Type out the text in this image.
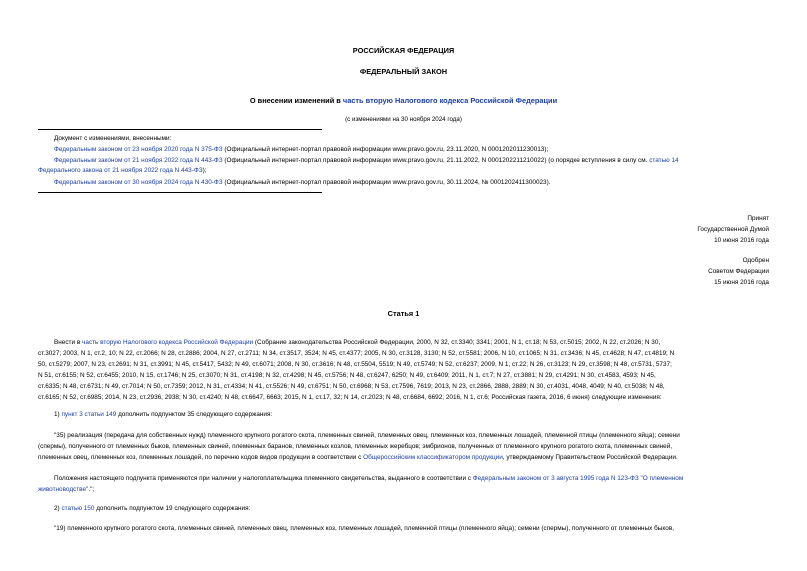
РОССИЙСКАЯ ФЕДЕРАЦИЯ
ФЕДЕРАЛЬНЫЙ ЗАКОН
О внесении изменений в часть вторую Налогового кодекса Российской Федерации
(с изменениями на 30 ноября 2024 года)
Документ с изменениями, внесенными:
Федеральным законом от 23 ноября 2020 года N 375-ФЗ (Официальный интернет-портал правовой информации www.pravo.gov.ru, 23.11.2020, N 0001202011230013);
Федеральным законом от 21 ноября 2022 года N 443-ФЗ (Официальный интернет-портал правовой информации www.pravo.gov.ru, 21.11.2022, N 0001202211210022) (о порядке вступления в силу см. статью 14
Федерального закона от 21 ноября 2022 года N 443-ФЗ);
Федеральным законом от 30 ноября 2024 года N 430-ФЗ (Официальный интернет-портал правовой информации www.pravo.gov.ru, 30.11.2024, № 0001202411300023).
Принят
Государственной Думой
10 июня 2016 года
Одобрен
Советом Федерации
15 июня 2016 года
Статья 1
Внести в часть вторую Налогового кодекса Российской Федерации (Собрание законодательства Российской Федерации, 2000, N 32, ст.3340; 3341; 2001, N 1, ст.18; N 53, ст.5015; 2002, N 22, ст.2026; N 30,
ст.3027; 2003, N 1, ст.2, 10; N 22, ст.2066; N 28, ст.2886; 2004, N 27, ст.2711; N 34, ст.3517, 3524; N 45, ст.4377; 2005, N 30, ст.3128, 3130; N 52, ст.5581; 2006, N 10, ст.1065; N 31, ст.3436; N 45, ст.4628; N 47, ст.4819; N
50, ст.5279; 2007, N 23, ст.2691; N 31, ст.3991; N 45, ст.5417, 5432; N 49, ст.6071; 2008, N 30, ст.3616; N 48, ст.5504, 5519; N 49, ст.5749; N 52, ст.6237; 2009, N 1, ст.22; N 26, ст.3123; N 29, ст.3598; N 48, ст.5731, 5737;
N 51, ст.6155; N 52, ст.6455; 2010, N 15, ст.1746; N 25, ст.3070; N 31, ст.4198; N 32, ст.4298; N 45, ст.5756; N 48, ст.6247, 6250; N 49, ст.6409; 2011, N 1, ст.7; N 27, ст.3881; N 29, ст.4291; N 30, ст.4583, 4593; N 45,
ст.6335; N 48, ст.6731; N 49, ст.7014; N 50, ст.7359; 2012, N 31, ст.4334; N 41, ст.5526; N 49, ст.6751; N 50, ст.6968; N 53, ст.7596, 7619; 2013, N 23, ст.2866, 2888, 2889; N 30, ст.4031, 4048, 4049; N 40, ст.5038; N 48,
ст.6165; N 52, ст.6985; 2014, N 23, ст.2936, 2938; N 30, ст.4240; N 48, ст.6647, 6663; 2015, N 1, ст.17, 32; N 14, ст.2023; N 48, ст.6684, 6692; 2016, N 1, ст.6; Российская газета, 2016, 6 июня) следующие изменения:
1) пункт 3 статьи 149 дополнить подпунктом 35 следующего содержания:
"35) реализация (передача для собственных нужд) племенного крупного рогатого скота, племенных свиней, племенных овец, племенных коз, племенных лошадей, племенной птицы (племенного яйца); семени
(спермы), полученного от племенных быков, племенных свиней, племенных баранов, племенных козлов, племенных жеребцов; эмбрионов, полученных от племенного крупного рогатого скота, племенных свиней,
племенных овец, племенных коз, племенных лошадей, по перечню кодов видов продукции в соответствии с Общероссийским классификатором продукции, утверждаемому Правительством Российской Федерации.
Положения настоящего подпункта применяются при наличии у налогоплательщика племенного свидетельства, выданного в соответствии с Федеральным законом от 3 августа 1995 года N 123-ФЗ "О племенном
животноводстве".";
2) статью 150 дополнить подпунктом 19 следующего содержания:
"19) племенного крупного рогатого скота, племенных свиней, племенных овец, племенных коз, племенных лошадей, племенной птицы (племенного яйца); семени (спермы), полученного от племенных быков,
